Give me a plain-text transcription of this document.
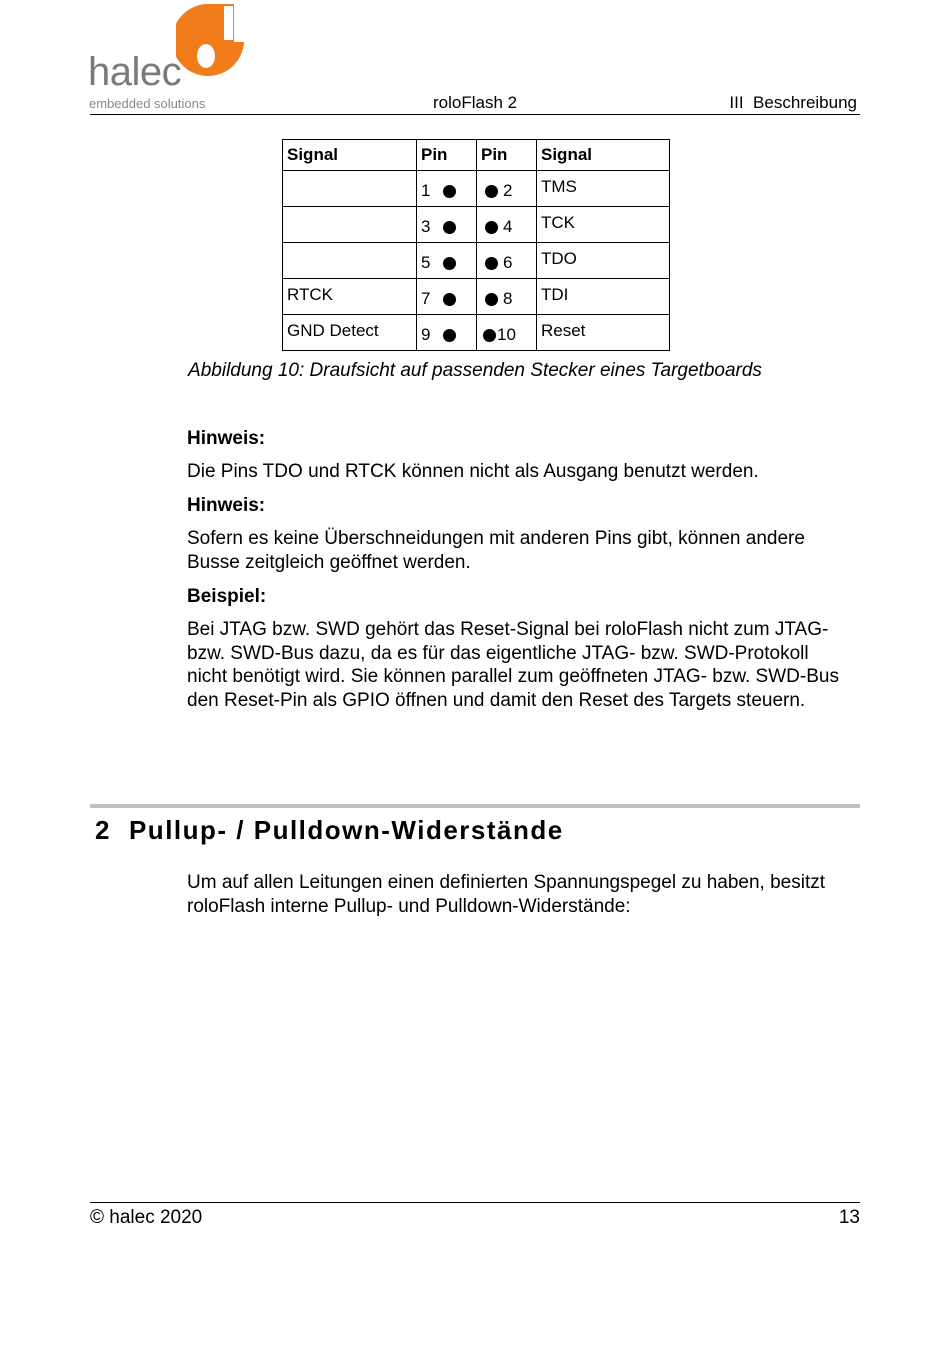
halec
embedded solutions	roloFlash 2	III  Beschreibung
Signal	Pin	Pin	Signal

	1	2	TMS

	3	4	TCK

	5	6	TDO
RTCK	7	8	TDI
GND Detect	9	10	Reset
Abbildung 10: Draufsicht auf passenden Stecker eines Targetboards
Hinweis:
Die Pins TDO und RTCK können nicht als Ausgang benutzt werden.
Hinweis:
Sofern es keine Überschneidungen mit anderen Pins gibt, können andere Busse zeitgleich geöffnet werden.
Beispiel:
Bei JTAG bzw. SWD gehört das Reset-Signal bei roloFlash nicht zum JTAG- bzw. SWD-Bus dazu, da es für das eigentliche JTAG- bzw. SWD-Protokoll nicht benötigt wird. Sie können parallel zum geöffneten JTAG- bzw. SWD-Bus den Reset-Pin als GPIO öffnen und damit den Reset des Targets steuern.
2 Pullup- / Pulldown-Widerstände
Um auf allen Leitungen einen definierten Spannungspegel zu haben, besitzt roloFlash interne Pullup- und Pulldown-Widerstände:
© halec 2020	13
